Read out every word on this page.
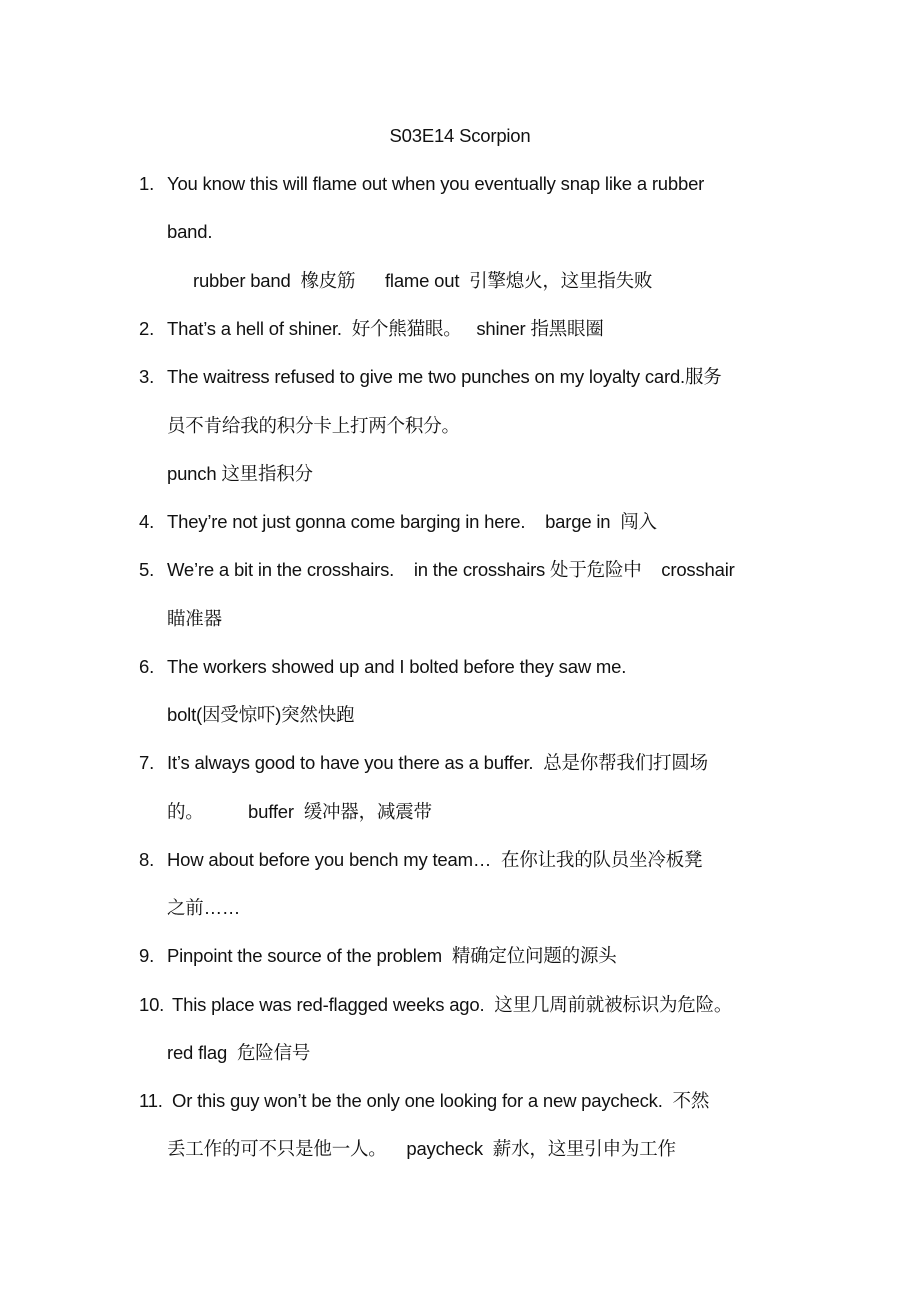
S03E14 Scorpion
1. You know this will flame out when you eventually snap like a rubber
band.
rubber band  橡皮筋      flame out  引擎熄火，这里指失败
2. That’s a hell of shiner.  好个熊猫眼。   shiner 指黑眼圈
3. The waitress refused to give me two punches on my loyalty card.服务
员不肯给我的积分卡上打两个积分。
punch 这里指积分
4. They’re not just gonna come barging in here.    barge in  闯入
5. We’re a bit in the crosshairs.    in the crosshairs 处于危险中    crosshair
瞄准器
6. The workers showed up and I bolted before they saw me.
bolt(因受惊吓)突然快跑
7. It’s always good to have you there as a buffer.  总是你帮我们打圆场
的。         buffer  缓冲器，减震带
8. How about before you bench my team…  在你让我的队员坐冷板凳
之前……
9. Pinpoint the source of the problem  精确定位问题的源头
10. This place was red-flagged weeks ago.  这里几周前就被标识为危险。
red flag  危险信号
11. Or this guy won’t be the only one looking for a new paycheck.  不然
丢工作的可不只是他一人。    paycheck  薪水，这里引申为工作
